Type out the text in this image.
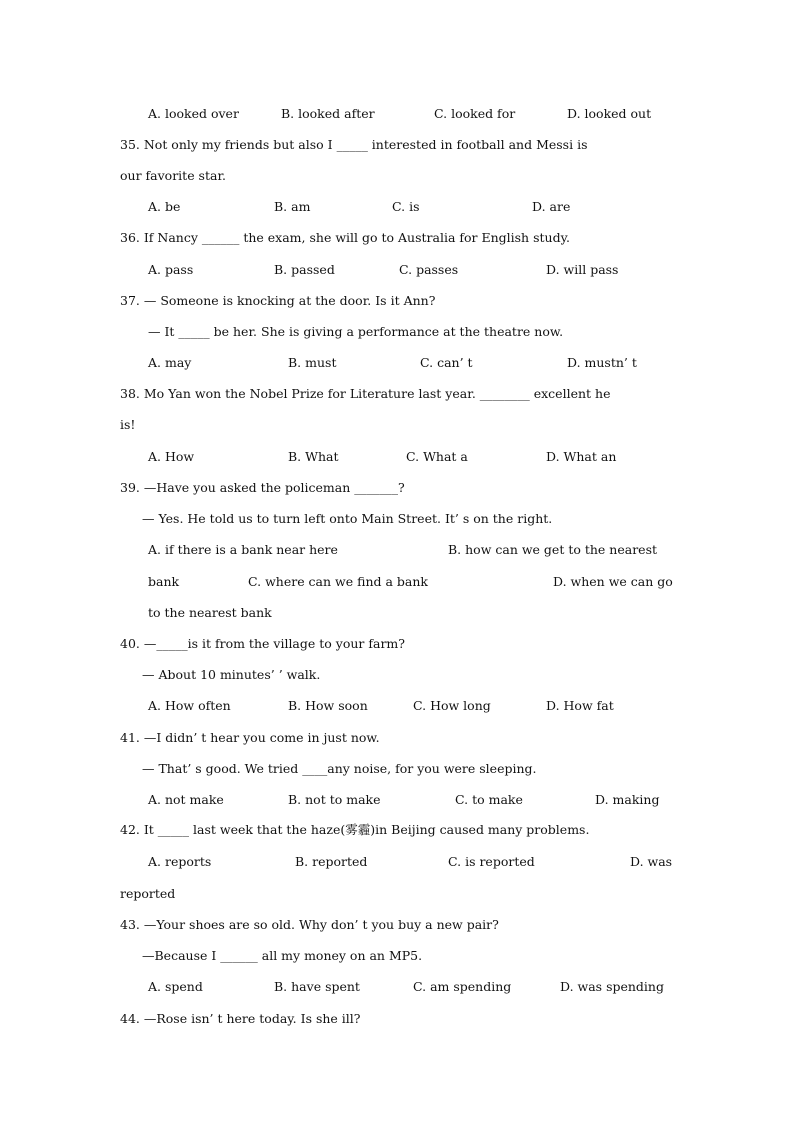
A. looked over

	B. looked after

	C. looked for

	D. looked out

35. Not only my friends but also I _____ interested in football and Messi is

our favorite star.

A. be

	B. am

	C. is

	D. are

36. If Nancy ______ the exam, she will go to Australia for English study.

A. pass

	B. passed

	C. passes

	D. will pass

37. — Someone is knocking at the door. Is it Ann?

— It _____ be her. She is giving a performance at the theatre now.

A. may

	B. must

	C. can’ t

	D. mustn’ t

38. Mo Yan won the Nobel Prize for Literature last year. ________ excellent he

is!

A. How

	B. What

	C. What a

	D. What an

39. —Have you asked the policeman _______?

— Yes. He told us to turn left onto Main Street. It’ s on the right.

A. if there is a bank near here

	B. how can we get to the nearest

bank

	C. where can we find a bank

	D. when we can go

to the nearest bank

40. —_____is it from the village to your farm?

— About 10 minutes’ ’ walk.

A. How often

	B. How soon

	C. How long

	D. How fat

41. —I didn’ t hear you come in just now.

— That’ s good. We tried ____any noise, for you were sleeping.

A. not make

	B. not to make

	C. to make

	D. making

42. It _____ last week that the haze(雾霾)in Beijing caused many problems.

A. reports

	B. reported

	C. is reported

	D. was

reported

43. —Your shoes are so old. Why don’ t you buy a new pair?

—Because I ______ all my money on an MP5.

A. spend

	B. have spent

	C. am spending

	D. was spending

44. —Rose isn’ t here today. Is she ill?
